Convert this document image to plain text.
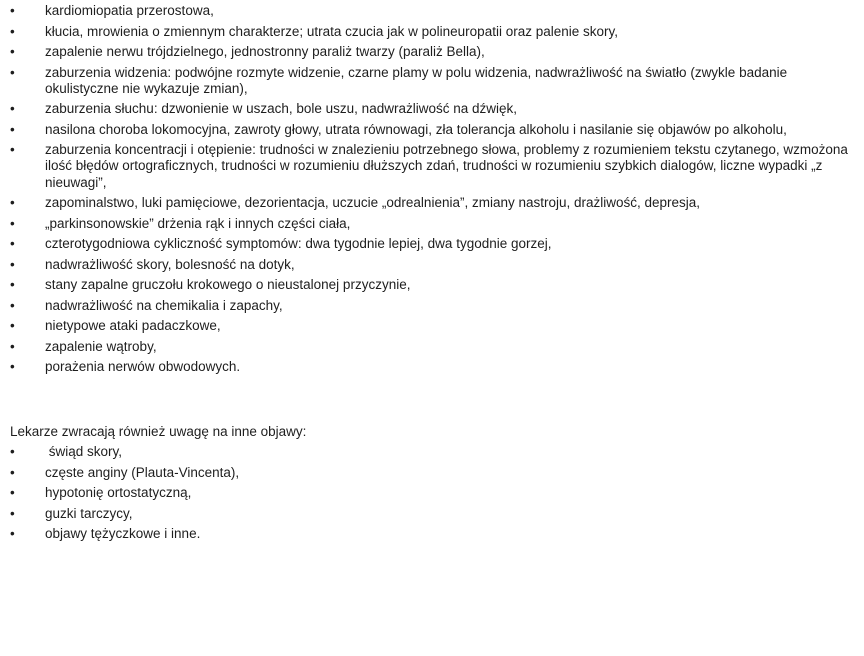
•	kardiomiopatia przerostowa,
•	kłucia, mrowienia o zmiennym charakterze; utrata czucia jak w polineuropatii oraz palenie skory,
•	zapalenie nerwu trójdzielnego, jednostronny paraliż twarzy (paraliż Bella),
•	zaburzenia widzenia: podwójne rozmyte widzenie, czarne plamy w polu widzenia, nadwrażliwość na światło (zwykle badanie okulistyczne nie wykazuje zmian),
•	zaburzenia słuchu: dzwonienie w uszach, bole uszu, nadwrażliwość na dźwięk,
•	nasilona choroba lokomocyjna, zawroty głowy, utrata równowagi, zła tolerancja alkoholu i nasilanie się objawów po alkoholu,
•	zaburzenia koncentracji i otępienie: trudności w znalezieniu potrzebnego słowa, problemy z rozumieniem tekstu czytanego, wzmożona ilość błędów ortograficznych, trudności w rozumieniu dłuższych zdań, trudności w rozumieniu szybkich dialogów, liczne wypadki „z nieuwagi”,
•	zapominalstwo, luki pamięciowe, dezorientacja, uczucie „odrealnienia”, zmiany nastroju, drażliwość, depresja,
•	„parkinsonowskie” drżenia rąk i innych części ciała,
•	czterotygodniowa cykliczność symptomów: dwa tygodnie lepiej, dwa tygodnie gorzej,
•	nadwrażliwość skory, bolesność na dotyk,
•	stany zapalne gruczołu krokowego o nieustalonej przyczynie,
•	nadwrażliwość na chemikalia i zapachy,
•	nietypowe ataki padaczkowe,
•	zapalenie wątroby,
•	porażenia nerwów obwodowych.

Lekarze zwracają również uwagę na inne objawy:

•	świąd skory,
•	częste anginy (Plauta-Vincenta),
•	hypotonię ortostatyczną,
•	guzki tarczycy,
•	objawy tężyczkowe i inne.
